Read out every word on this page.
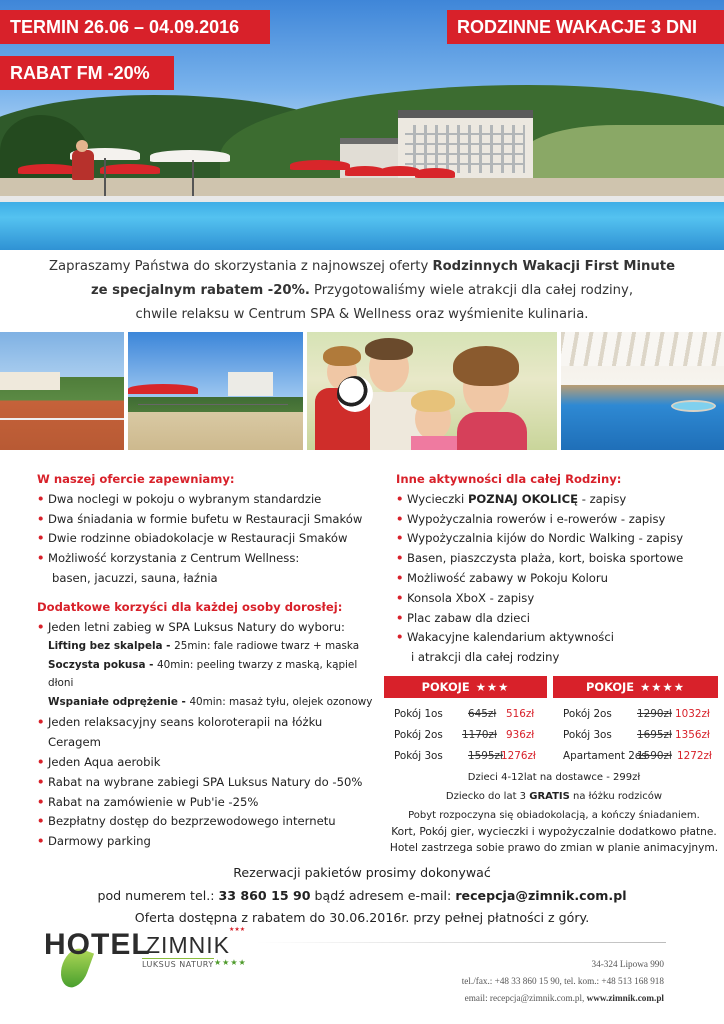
TERMIN 26.06 – 04.09.2016	RODZINNE WAKACJE 3 DNI
RABAT FM -20%
Zapraszamy Państwa do skorzystania z najnowszej oferty Rodzinnych Wakacji First Minute
ze specjalnym rabatem -20%. Przygotowaliśmy wiele atrakcji dla całej rodziny,
chwile relaksu w Centrum SPA & Wellness oraz wyśmienite kulinaria.
W naszej ofercie zapewniamy:
• Dwa noclegi w pokoju o wybranym standardzie
• Dwa śniadania w formie bufetu w Restauracji Smaków
• Dwie rodzinne obiadokolacje w Restauracji Smaków
• Możliwość korzystania z Centrum Wellness:
basen, jacuzzi, sauna, łaźnia
Dodatkowe korzyści dla każdej osoby dorosłej:
• Jeden letni zabieg w SPA Luksus Natury do wyboru:
Lifting bez skalpela - 25min: fale radiowe twarz + maska
Soczysta pokusa - 40min: peeling twarzy z maską, kąpiel dłoni
Wspaniałe odprężenie - 40min: masaż tyłu, olejek ozonowy
• Jeden relaksacyjny seans koloroterapii na łóżku Ceragem
• Jeden Aqua aerobik
• Rabat na wybrane zabiegi SPA Luksus Natury do -50%
• Rabat na zamówienie w Pub'ie -25%
• Bezpłatny dostęp do bezprzewodowego internetu
• Darmowy parking
Inne aktywności dla całej Rodziny:
• Wycieczki POZNAJ OKOLICĘ - zapisy
• Wypożyczalnia rowerów i e-rowerów - zapisy
• Wypożyczalnia kijów do Nordic Walking - zapisy
• Basen, piaszczysta plaża, kort, boiska sportowe
• Możliwość zabawy w Pokoju Koloru
• Konsola XboX - zapisy
• Plac zabaw dla dzieci
• Wakacyjne kalendarium aktywności
i atrakcji dla całej rodziny
POKOJE ★★★
Pokój 1os 645zł 516zł
Pokój 2os 1170zł 936zł
Pokój 3os 1595zł
1276zł
POKOJE ★★★★
Pokój 2os 1290zł 1032zł
Pokój 3os 1695zł 1356zł
Apartament 2os
1590zł 1272zł
Dzieci 4-12lat na dostawce - 299zł
Dziecko do lat 3 GRATIS na łóżku rodziców
Pobyt rozpoczyna się obiadokolacją, a kończy śniadaniem.
Kort, Pokój gier, wycieczki i wypożyczalnie dodatkowo płatne.
Hotel zastrzega sobie prawo do zmian w planie animacyjnym.
Rezerwacji pakietów prosimy dokonywać
pod numerem tel.: 33 860 15 90 bądź adresem e-mail: recepcja@zimnik.com.pl
Oferta dostępna z rabatem do 30.06.2016r. przy pełnej płatności z góry.
HOTEL
ZIMNIK
★★★
LUKSUS NATURY ★★★★	34-324 Lipowa 990
tel./fax.: +48 33 860 15 90, tel. kom.: +48 513 168 918
email: recepcja@zimnik.com.pl, www.zimnik.com.pl
